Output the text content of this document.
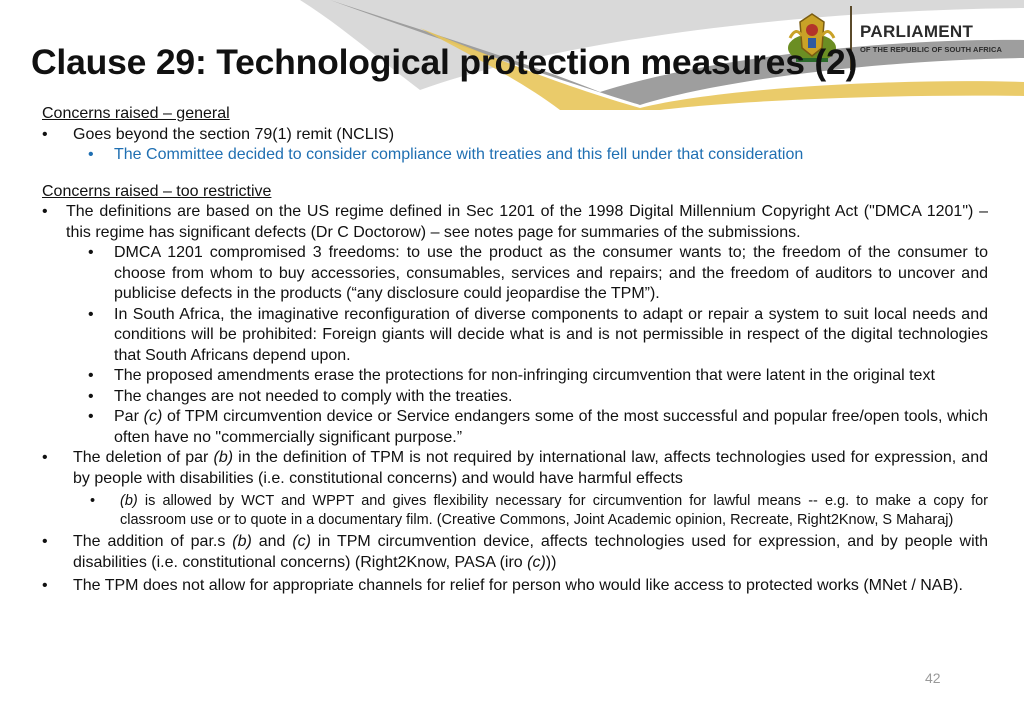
PARLIAMENT
OF THE REPUBLIC OF SOUTH AFRICA
Clause 29: Technological protection measures (2)
Concerns raised – general
• Goes beyond the section 79(1) remit (NCLIS)
• The Committee decided to consider compliance with treaties and this fell under that consideration
Concerns raised – too restrictive
• The definitions are based on the US regime defined in Sec 1201 of the 1998 Digital Millennium Copyright Act ("DMCA 1201") – this regime has significant defects (Dr C Doctorow) – see notes page for summaries of the submissions.
• DMCA 1201 compromised 3 freedoms: to use the product as the consumer wants to; the freedom of the consumer to choose from whom to buy accessories, consumables, services and repairs; and the freedom of auditors to uncover and publicise defects in the products (“any disclosure could jeopardise the TPM”).
• In South Africa, the imaginative reconfiguration of diverse components to adapt or repair a system to suit local needs and conditions will be prohibited: Foreign giants will decide what is and is not permissible in respect of the digital technologies that South Africans depend upon.
• The proposed amendments erase the protections for non-infringing circumvention that were latent in the original text
• The changes are not needed to comply with the treaties.
• Par (c) of TPM circumvention device or Service endangers some of the most successful and popular free/open tools, which often have no "commercially significant purpose.”
• The deletion of par (b) in the definition of TPM is not required by international law, affects technologies used for expression, and by people with disabilities (i.e. constitutional concerns) and would have harmful effects
• (b) is allowed by WCT and WPPT and gives flexibility necessary for circumvention for lawful means -- e.g. to make a copy for classroom use or to quote in a documentary film. (Creative Commons, Joint Academic opinion, Recreate, Right2Know, S Maharaj)
• The addition of par.s (b) and (c) in TPM circumvention device, affects technologies used for expression, and by people with disabilities (i.e. constitutional concerns) (Right2Know, PASA (iro (c)))
• The TPM does not allow for appropriate channels for relief for person who would like access to protected works (MNet / NAB).
42
